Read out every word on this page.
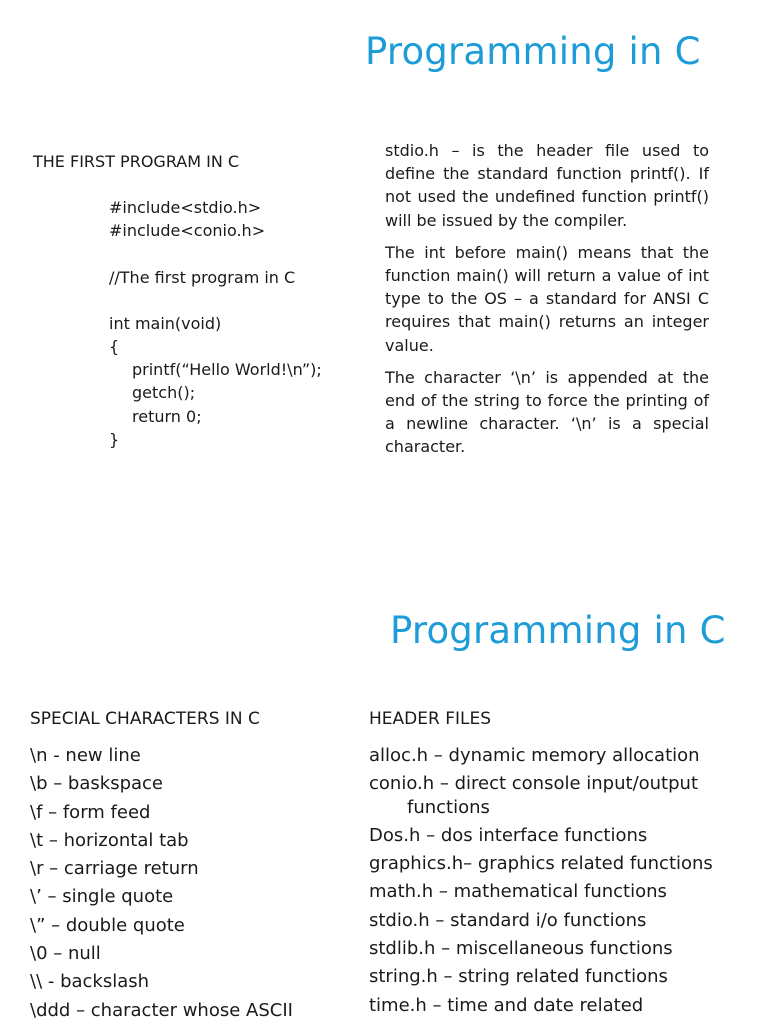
Programming in C
THE FIRST PROGRAM IN C
#include<stdio.h>
#include<conio.h>
//The first program in C
int main(void)
{
printf(“Hello World!\n”);
getch();
return 0;
}

stdio.h – is the header file used to define the standard function printf(). If not used the undefined function printf() will be issued by the compiler.

The int before main() means that the function main() will return a value of int type to the OS – a standard for ANSI C requires that main() returns an integer value.

The character ‘\n’ is appended at the end of the string to force the printing of a newline character. ‘\n’ is a special character.

Programming in C
SPECIAL CHARACTERS IN C	HEADER FILES
\n - new line
\b – baskspace
\f – form feed
\t – horizontal tab
\r – carriage return
\’ – single quote
\” – double quote
\0 – null
\\ - backslash
\ddd – character whose ASCII
alloc.h – dynamic memory allocation
conio.h – direct console input/output
functions
Dos.h – dos interface functions
graphics.h– graphics related functions
math.h – mathematical functions
stdio.h – standard i/o functions
stdlib.h – miscellaneous functions
string.h – string related functions
time.h – time and date related
